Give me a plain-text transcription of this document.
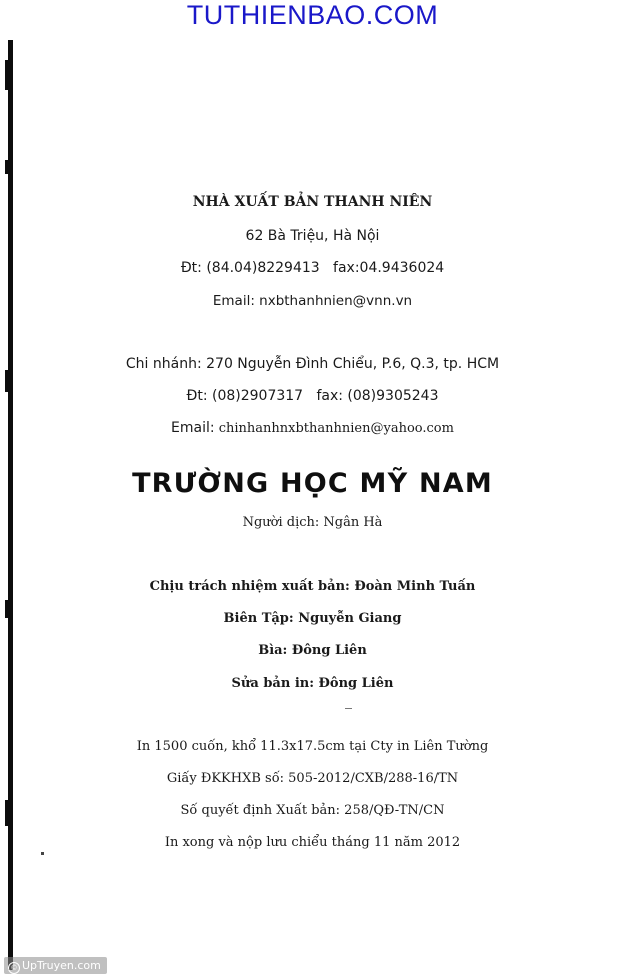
TUTHIENBAO.COM
NHÀ XUẤT BẢN THANH NIÊN
62 Bà Triệu, Hà Nội
Đt: (84.04)8229413   fax:04.9436024
Email: nxbthanhnien@vnn.vn
Chi nhánh: 270 Nguyễn Đình Chiểu, P.6, Q.3, tp. HCM
Đt: (08)2907317   fax: (08)9305243
Email: chinhanhnxbthanhnien@yahoo.com
TRƯỜNG HỌC MỸ NAM
Người dịch: Ngân Hà
Chịu trách nhiệm xuất bản: Đoàn Minh Tuấn
Biên Tập: Nguyễn Giang
Bìa: Đông Liên
Sửa bản in: Đông Liên
In 1500 cuốn, khổ 11.3x17.5cm tại Cty in Liên Tường
Giấy ĐKKHXB số: 505-2012/CXB/288-16/TN
Số quyết định Xuất bản: 258/QĐ-TN/CN
In xong và nộp lưu chiểu tháng 11 năm 2012
© UpTruyen.com
